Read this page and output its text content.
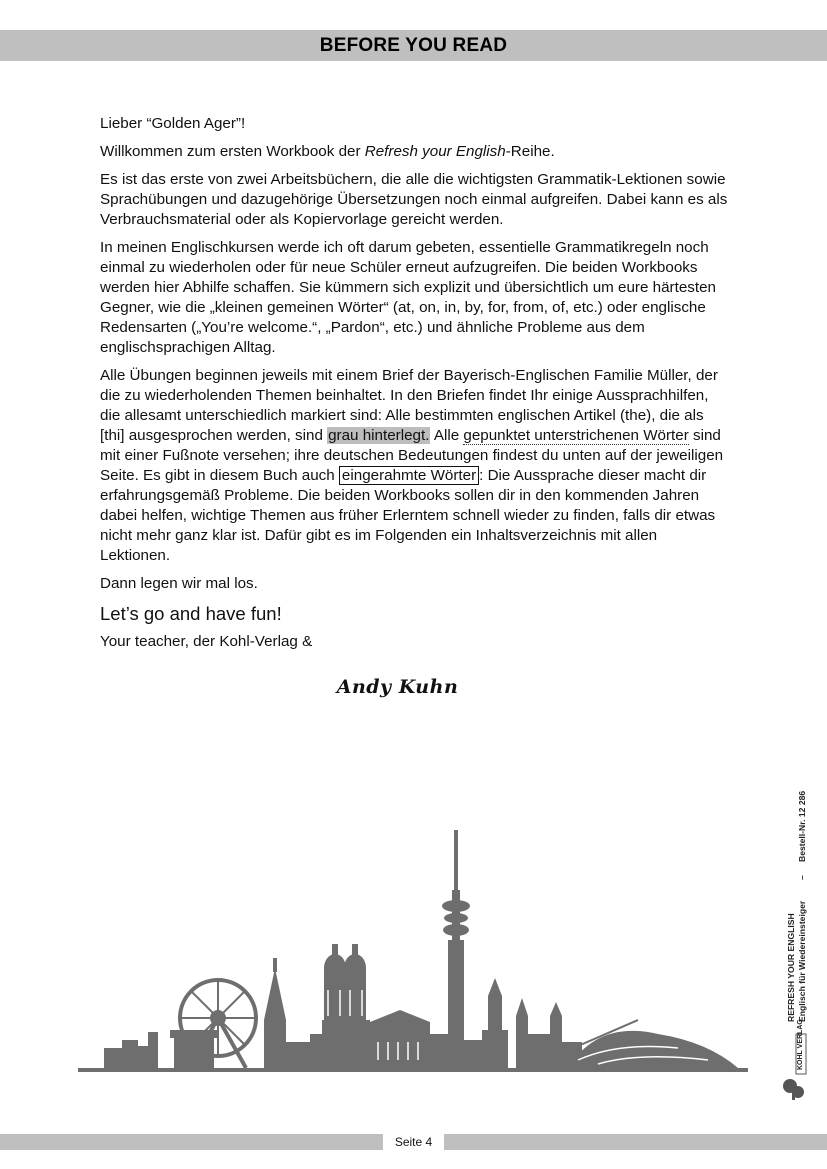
BEFORE YOU READ

Lieber “Golden Ager”!

Willkommen zum ersten Workbook der Refresh your English-Reihe.

Es ist das erste von zwei Arbeitsbüchern, die alle die wichtigsten Grammatik-Lektionen sowie Sprachübungen und dazugehörige Übersetzungen noch einmal aufgreifen. Dabei kann es als Verbrauchsmaterial oder als Kopiervorlage gereicht werden.

In meinen Englischkursen werde ich oft darum gebeten, essentielle Grammatikregeln noch einmal zu wiederholen oder für neue Schüler erneut aufzugreifen. Die beiden Workbooks werden hier Abhilfe schaffen. Sie kümmern sich explizit und übersichtlich um eure härtesten Gegner, wie die „kleinen gemeinen Wörter“ (at, on, in, by, for, from, of, etc.) oder englische Redensarten („You’re welcome.“, „Pardon“, etc.) und ähnliche Probleme aus dem englischsprachigen Alltag.

Alle Übungen beginnen jeweils mit einem Brief der Bayerisch-Englischen Familie Müller, der die zu wiederholenden Themen beinhaltet. In den Briefen findet Ihr einige Aussprachhilfen, die allesamt unterschiedlich markiert sind: Alle bestimmten englischen Artikel (the), die als [thi] ausgesprochen werden, sind grau hinterlegt. Alle gepunktet unterstrichenen Wörter sind mit einer Fußnote versehen; ihre deutschen Bedeutungen findest du unten auf der jeweiligen Seite. Es gibt in diesem Buch auch eingerahmte Wörter : Die Aussprache dieser macht dir erfahrungsgemäß Probleme. Die beiden Workbooks sollen dir in den kommenden Jahren dabei helfen, wichtige Themen aus früher Erlerntem schnell wieder zu finden, falls dir etwas nicht mehr ganz klar ist. Dafür gibt es im Folgenden ein Inhaltsverzeichnis mit allen Lektionen.

Dann legen wir mal los.

Let’s go and have fun!

Your teacher, der Kohl-Verlag &

Andy Kuhn
REFRESH YOUR ENGLISH Englisch für Wiedereinsteiger
–
Bestell-Nr. 12 286
KOHL VERLAG
Seite 4
